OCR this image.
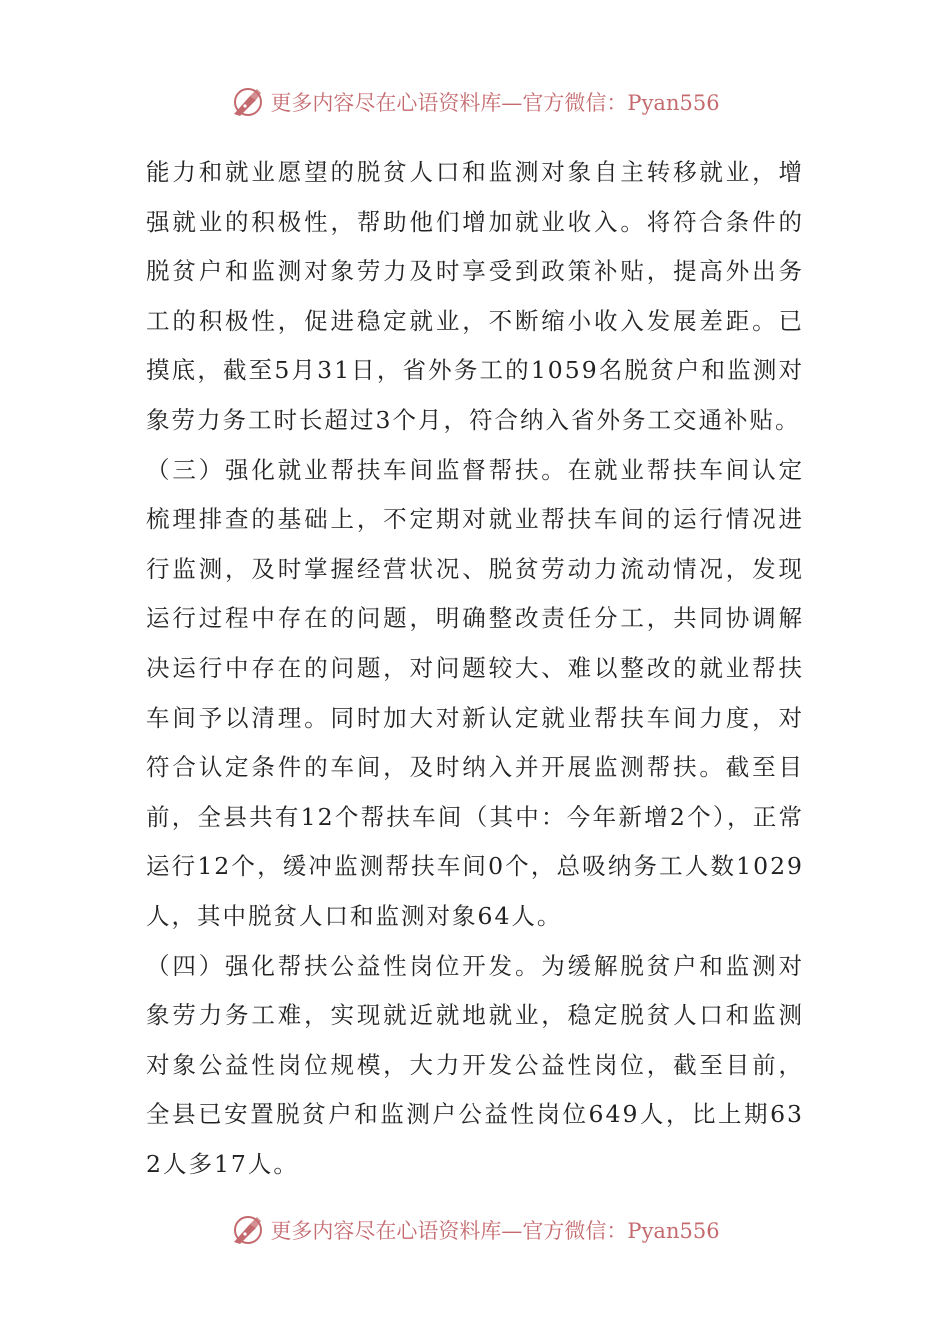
更多内容尽在心语资料库—官方微信：Pyan556

能力和就业愿望的脱贫人口和监测对象自主转移就业，增强就业的积极性，帮助他们增加就业收入。将符合条件的脱贫户和监测对象劳力及时享受到政策补贴，提高外出务工的积极性，促进稳定就业，不断缩小收入发展差距。已摸底，截至5月31日，省外务工的1059名脱贫户和监测对象劳力务工时长超过3个月，符合纳入省外务工交通补贴。

（三）强化就业帮扶车间监督帮扶。在就业帮扶车间认定梳理排查的基础上，不定期对就业帮扶车间的运行情况进行监测，及时掌握经营状况、脱贫劳动力流动情况，发现运行过程中存在的问题，明确整改责任分工，共同协调解决运行中存在的问题，对问题较大、难以整改的就业帮扶车间予以清理。同时加大对新认定就业帮扶车间力度，对符合认定条件的车间，及时纳入并开展监测帮扶。截至目前，全县共有12个帮扶车间（其中：今年新增2个），正常运行12个，缓冲监测帮扶车间0个，总吸纳务工人数1029人，其中脱贫人口和监测对象64人。

（四）强化帮扶公益性岗位开发。为缓解脱贫户和监测对象劳力务工难，实现就近就地就业，稳定脱贫人口和监测对象公益性岗位规模，大力开发公益性岗位，截至目前，全县已安置脱贫户和监测户公益性岗位649人，比上期632人多17人。

更多内容尽在心语资料库—官方微信：Pyan556
